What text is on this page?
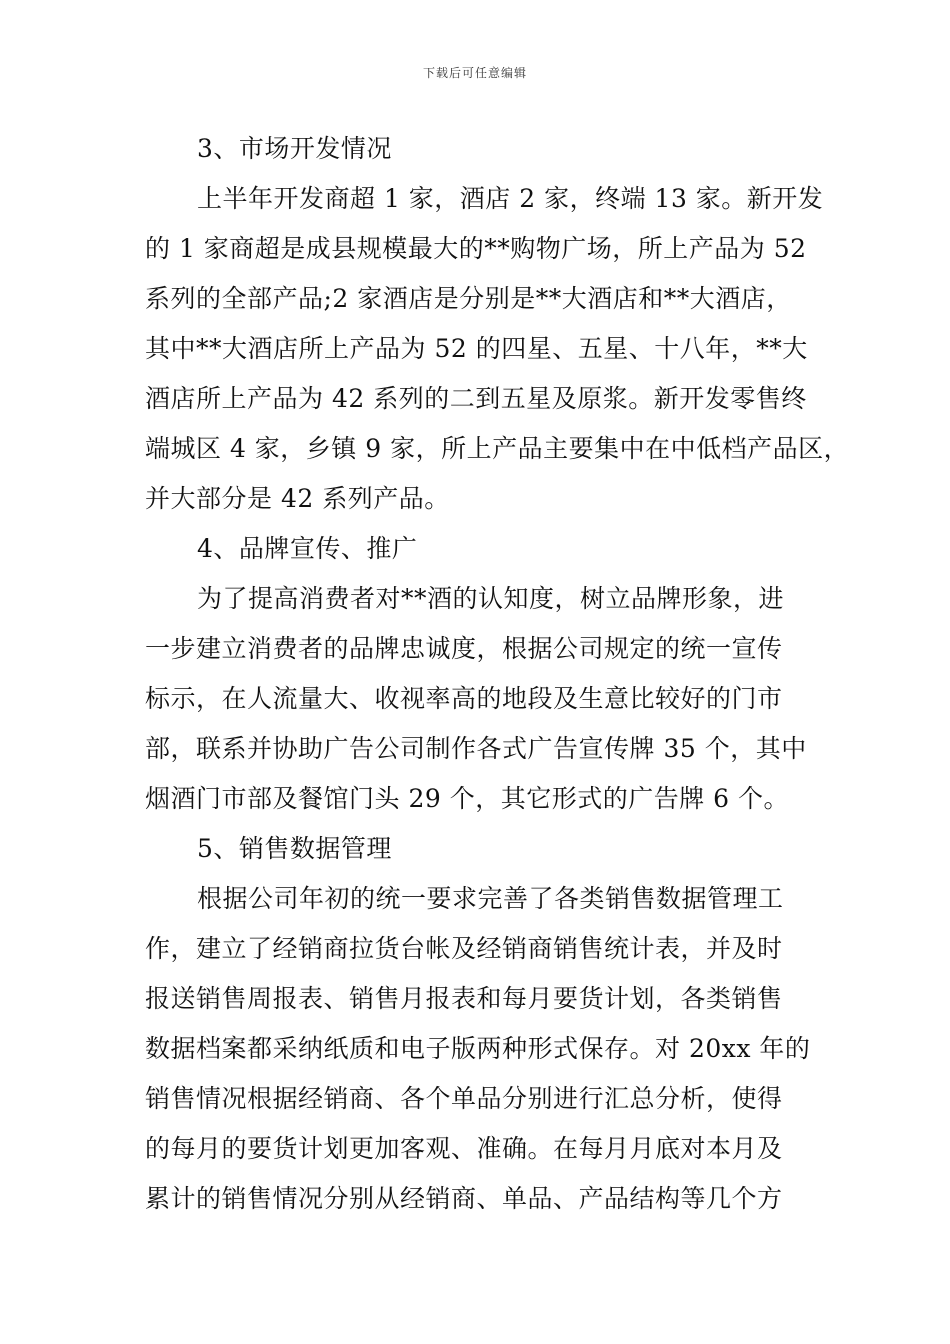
下载后可任意编辑
3、市场开发情况
上半年开发商超 1 家，酒店 2 家，终端 13 家。新开发
的 1 家商超是成县规模最大的**购物广场，所上产品为 52
系列的全部产品;2 家酒店是分别是**大酒店和**大酒店，
其中**大酒店所上产品为 52 的四星、五星、十八年，**大
酒店所上产品为 42 系列的二到五星及原浆。新开发零售终
端城区 4 家，乡镇 9 家，所上产品主要集中在中低档产品区，
并大部分是 42 系列产品。
4、品牌宣传、推广
为了提高消费者对**酒的认知度，树立品牌形象，进
一步建立消费者的品牌忠诚度，根据公司规定的统一宣传
标示，在人流量大、收视率高的地段及生意比较好的门市
部，联系并协助广告公司制作各式广告宣传牌 35 个，其中
烟酒门市部及餐馆门头 29 个，其它形式的广告牌 6 个。
5、销售数据管理
根据公司年初的统一要求完善了各类销售数据管理工
作，建立了经销商拉货台帐及经销商销售统计表，并及时
报送销售周报表、销售月报表和每月要货计划，各类销售
数据档案都采纳纸质和电子版两种形式保存。对 20xx 年的
销售情况根据经销商、各个单品分别进行汇总分析，使得
的每月的要货计划更加客观、准确。在每月月底对本月及
累计的销售情况分别从经销商、单品、产品结构等几个方
